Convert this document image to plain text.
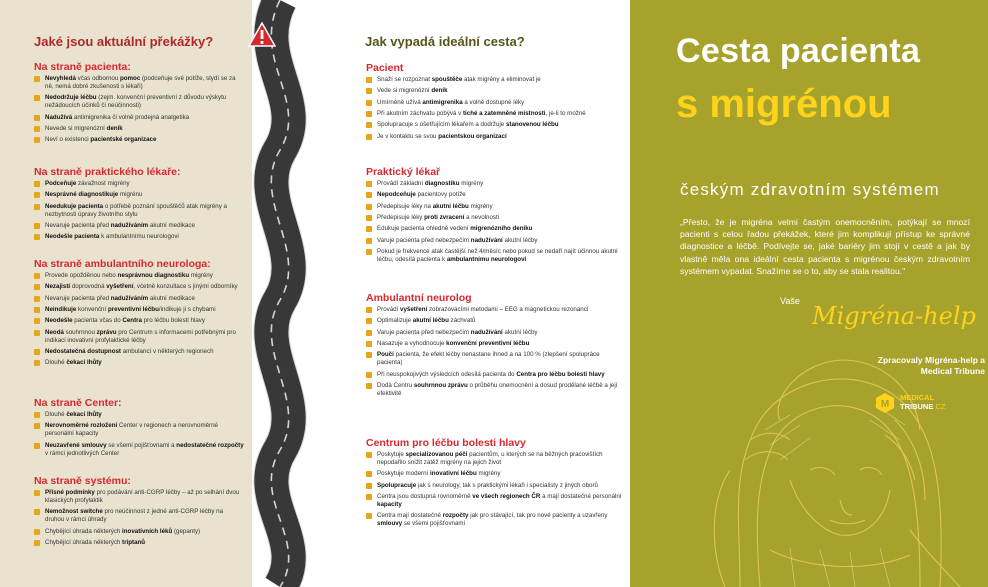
Jaké jsou aktuální překážky?	Jak vypadá ideální cesta?
Na straně pacienta:
Nevyhledá včas odbornou pomoc (podceňuje své potíže, stydí se za ně, nemá dobré zkušenosti s lékaři)
Nedodržuje léčbu (zejm. konvenční preventivní z důvodu výskytu nežádoucích účinků či neúčinnosti)
Nadužívá antimigrenika či volně prodejná analgetika
Nevede si migrenózní deník
Neví o existenci pacientské organizace
Na straně praktického lékaře:
Podceňuje závažnost migrény
Nesprávné diagnostikuje migrénu
Needukuje pacienta o potřebě poznání spouštěčů atak migrény a nezbytnosti úpravy životního stylu
Nevaruje pacienta před nadužíváním akutní medikace
Neodešle pacienta k ambulantnímu neurologovi
Na straně ambulantního neurologa:
Provede opožděnou nebo nesprávnou diagnostiku migrény
Nezajistí doprovodná vyšetření, včetně konzultace s jinými odborníky
Nevaruje pacienta před nadužíváním akutní medikace
Neindikuje konvenční preventivní léčbu/indikuje ji s chybami
Neodešle pacienta včas do Centra pro léčbu bolesti hlavy
Neodá souhrnnou zprávu pro Centrum s informacemi potřebnými pro indikaci inovativní profylaktické léčby
Nedostatečná dostupnost ambulancí v některých regionech
Dlouhé čekací lhůty
Na straně Center:
Dlouhé čekací lhůty
Nerovnoměrné rozložení Center v regionech a nerovnoměrné personální kapacity
Neuzavřené smlouvy se všemi pojišťovnami a nedostatečné rozpočty v rámci jednotlivých Center
Na straně systému:
Přísné podmínky pro podávání anti-CGRP léčby – až po selhání dvou klasických profylaktik
Nemožnost switche pro neúčinnost z jedné anti-CGRP léčby na druhou v rámci úhrady
Chybějící úhrada některých inovativních léků (gepanty)
Chybějící úhrada některých triptanů
Pacient
Snaží se rozpoznat spouštěče atak migrény a eliminovat je
Vede si migrenózní deník
Umírněně užívá antimigrenika a volně dostupné léky
Při akutním záchvatu pobývá v tiché a zatemněné místnosti, je-li to možné
Spolupracuje s ošetřujícím lékařem a dodržuje stanovenou léčbu
Je v kontaktu se svou pacientskou organizací
Praktický lékař
Provádí základní diagnostiku migrény
Nepodceňuje pacientovy potíže
Předepisuje léky na akutní léčbu migrény
Předepisuje léky proti zvracení a nevolnosti
Edukuje pacienta ohledně vedení migrenózního deníku
Varuje pacienta před nebezpečím nadužívání akutní léčby
Pokud je frekvence atak častější než 4/měsíc nebo pokud se nedaří najít účinnou akutní léčbu, odesílá pacienta k ambulantnímu neurologovi
Ambulantní neurolog
Provádí vyšetření zobrazovacími metodami – EEG a magnetickou rezonancí
Optimalizuje akutní léčbu záchvatů
Varuje pacienta před nebezpečím nadužívání akutní léčby
Nasazuje a vyhodnocuje konvenční preventivní léčbu
Poučí pacienta, že efekt léčby nenastane ihned a na 100 % (zlepšení spolupráce pacienta)
Při neuspokojivých výsledcích odesílá pacienta do Centra pro léčbu bolesti hlavy
Dodá Centru souhrnnou zprávu o průběhu onemocnění a dosud prodělané léčbě a její efektivitě
Centrum pro léčbu bolesti hlavy
Poskytuje specializovanou péči pacientům, u kterých se na běžných pracovištích nepodařilo snížit zátěž migrény na jejich život
Poskytuje moderní inovativní léčbu migrény
Spolupracuje jak s neurology, tak s praktickými lékaři i specialisty z jiných oborů
Centra jsou dostupná rovnoměrně ve všech regionech ČR a mají dostatečné personální kapacity
Centra mají dostatečné rozpočty jak pro stávající, tak pro nové pacienty a uzavřeny smlouvy se všemi pojišťovnami
Cesta pacienta
s migrénou
českým zdravotním systémem
„Přesto, že je migréna velmi častým onemocněním, potýkají se mnozí pacienti s celou řadou překážek, které jim komplikují přístup ke správné diagnostice a léčbě. Podívejte se, jaké bariéry jim stojí v cestě a jak by vlastně měla ona ideální cesta pacienta s migrénou českým zdravotním systémem vypadat. Snažíme se o to, aby se stala realitou."
Vaše
Migréna-help
Zpracovaly Migréna-help a Medical Tribune
M
MEDICAL
TRIBUNE CZ
